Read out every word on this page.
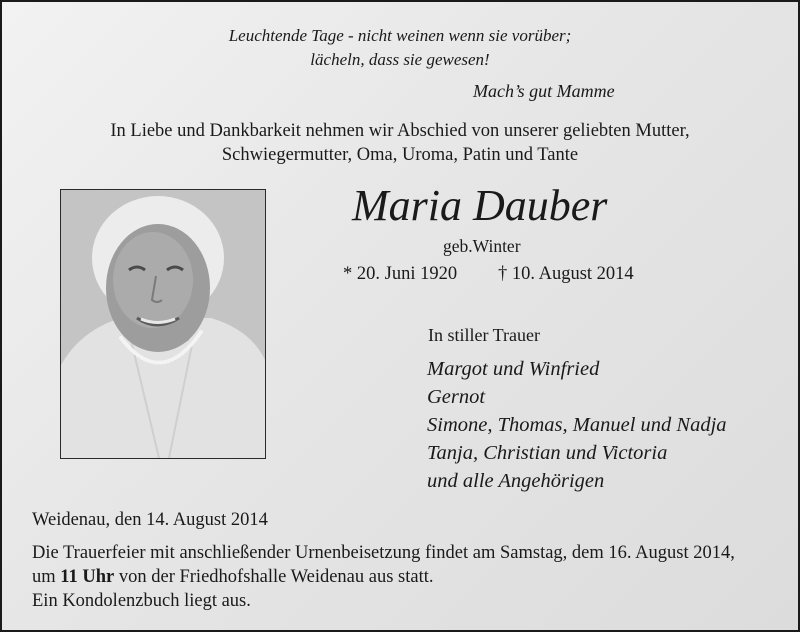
Leuchtende Tage - nicht weinen wenn sie vorüber;
lächeln, dass sie gewesen!
Mach’s gut Mamme
In Liebe und Dankbarkeit nehmen wir Abschied von unserer geliebten Mutter,
Schwiegermutter, Oma, Uroma, Patin und Tante
Maria Dauber
geb.Winter
* 20. Juni 1920 † 10. August 2014
In stiller Trauer
Margot und Winfried
Gernot
Simone, Thomas, Manuel und Nadja
Tanja, Christian und Victoria
und alle Angehörigen
Weidenau, den 14. August 2014
Die Trauerfeier mit anschließender Urnenbeisetzung findet am Samstag, dem 16. August 2014,
um 11 Uhr von der Friedhofshalle Weidenau aus statt.
Ein Kondolenzbuch liegt aus.
